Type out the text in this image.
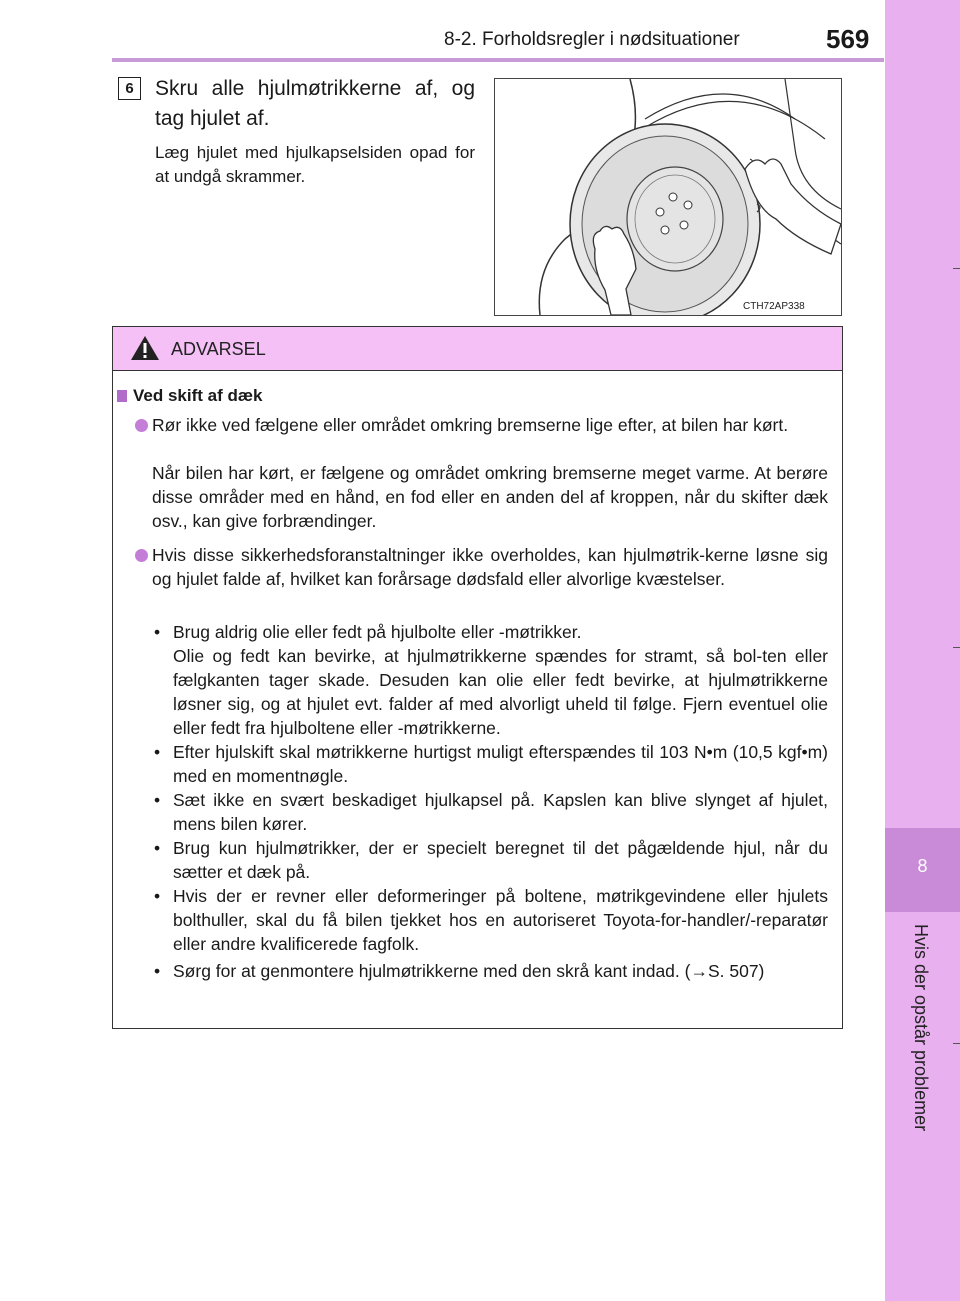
8-2. Forholdsregler i nødsituationer	569
8
Hvis der opstår problemer
6	Skru alle hjulmøtrikkerne af, og tag hjulet af.
Læg hjulet med hjulkapselsiden opad for at undgå skrammer.
CTH72AP338
ADVARSEL
Ved skift af dæk
Rør ikke ved fælgene eller området omkring bremserne lige efter, at bilen har kørt.
Når bilen har kørt, er fælgene og området omkring bremserne meget varme. At berøre disse områder med en hånd, en fod eller en anden del af kroppen, når du skifter dæk osv., kan give forbrændinger.
Hvis disse sikkerhedsforanstaltninger ikke overholdes, kan hjulmøtrik-kerne løsne sig og hjulet falde af, hvilket kan forårsage dødsfald eller alvorlige kvæstelser.
• Brug aldrig olie eller fedt på hjulbolte eller -møtrikker.
Olie og fedt kan bevirke, at hjulmøtrikkerne spændes for stramt, så bol-ten eller fælgkanten tager skade. Desuden kan olie eller fedt bevirke, at hjulmøtrikkerne løsner sig, og at hjulet evt. falder af med alvorligt uheld til følge. Fjern eventuel olie eller fedt fra hjulboltene eller -møtrikkerne.
• Efter hjulskift skal møtrikkerne hurtigst muligt efterspændes til 103 N•m (10,5 kgf•m) med en momentnøgle.
• Sæt ikke en svært beskadiget hjulkapsel på. Kapslen kan blive slynget af hjulet, mens bilen kører.
• Brug kun hjulmøtrikker, der er specielt beregnet til det pågældende hjul, når du sætter et dæk på.
• Hvis der er revner eller deformeringer på boltene, møtrikgevindene eller hjulets bolthuller, skal du få bilen tjekket hos en autoriseret Toyota-for-handler/-reparatør eller andre kvalificerede fagfolk.
• Sørg for at genmontere hjulmøtrikkerne med den skrå kant indad. (→S. 507)
